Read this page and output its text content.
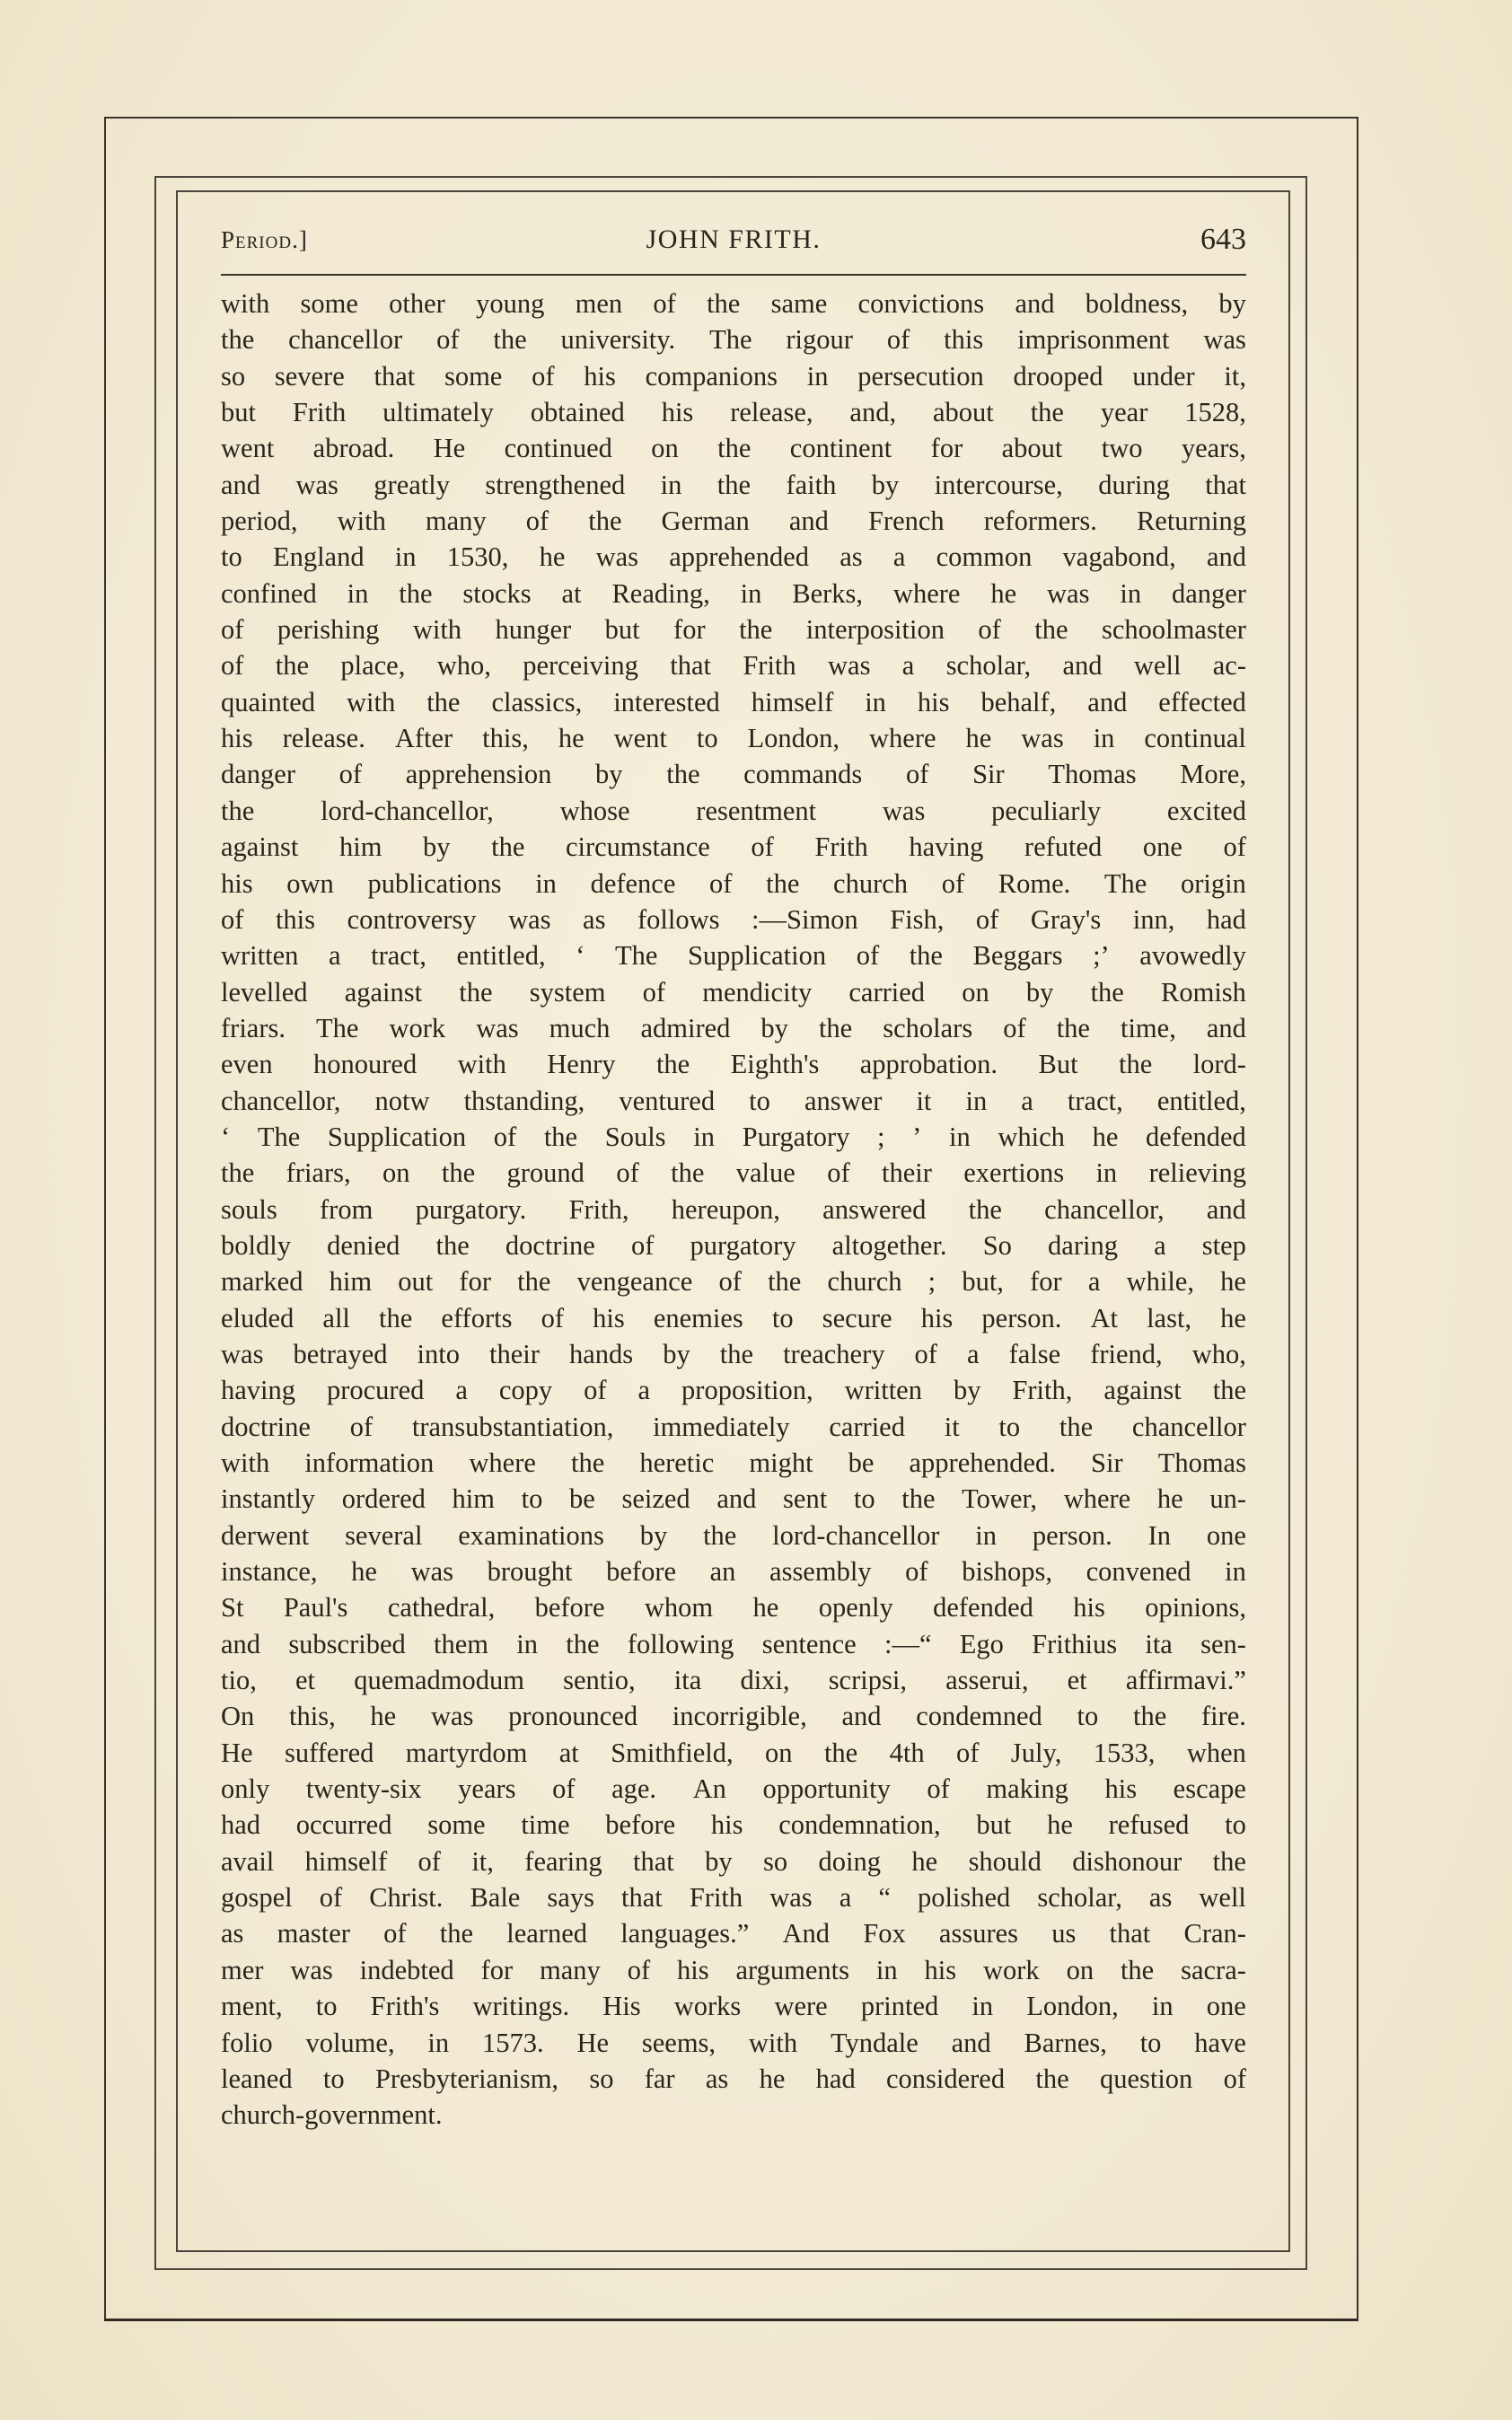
Period.]	JOHN FRITH.	643
with some other young men of the same convictions and boldness, by
the chancellor of the university. The rigour of this imprisonment was
so severe that some of his companions in persecution drooped under it,
but Frith ultimately obtained his release, and, about the year 1528,
went abroad. He continued on the continent for about two years,
and was greatly strengthened in the faith by intercourse, during that
period, with many of the German and French reformers. Returning
to England in 1530, he was apprehended as a common vagabond, and
confined in the stocks at Reading, in Berks, where he was in danger
of perishing with hunger but for the interposition of the schoolmaster
of the place, who, perceiving that Frith was a scholar, and well ac-
quainted with the classics, interested himself in his behalf, and effected
his release. After this, he went to London, where he was in continual
danger of apprehension by the commands of Sir Thomas More,
the lord-chancellor, whose resentment was peculiarly excited
against him by the circumstance of Frith having refuted one of
his own publications in defence of the church of Rome. The origin
of this controversy was as follows :—Simon Fish, of Gray's inn, had
written a tract, entitled, ‘ The Supplication of the Beggars ;’ avowedly
levelled against the system of mendicity carried on by the Romish
friars. The work was much admired by the scholars of the time, and
even honoured with Henry the Eighth's approbation. But the lord-
chancellor, notw thstanding, ventured to answer it in a tract, entitled,
‘ The Supplication of the Souls in Purgatory ; ’ in which he defended
the friars, on the ground of the value of their exertions in relieving
souls from purgatory. Frith, hereupon, answered the chancellor, and
boldly denied the doctrine of purgatory altogether. So daring a step
marked him out for the vengeance of the church ; but, for a while, he
eluded all the efforts of his enemies to secure his person. At last, he
was betrayed into their hands by the treachery of a false friend, who,
having procured a copy of a proposition, written by Frith, against the
doctrine of transubstantiation, immediately carried it to the chancellor
with information where the heretic might be apprehended. Sir Thomas
instantly ordered him to be seized and sent to the Tower, where he un-
derwent several examinations by the lord-chancellor in person. In one
instance, he was brought before an assembly of bishops, convened in
St Paul's cathedral, before whom he openly defended his opinions,
and subscribed them in the following sentence :—“ Ego Frithius ita sen-
tio, et quemadmodum sentio, ita dixi, scripsi, asserui, et affirmavi.”
On this, he was pronounced incorrigible, and condemned to the fire.
He suffered martyrdom at Smithfield, on the 4th of July, 1533, when
only twenty-six years of age. An opportunity of making his escape
had occurred some time before his condemnation, but he refused to
avail himself of it, fearing that by so doing he should dishonour the
gospel of Christ. Bale says that Frith was a “ polished scholar, as well
as master of the learned languages.” And Fox assures us that Cran-
mer was indebted for many of his arguments in his work on the sacra-
ment, to Frith's writings. His works were printed in London, in one
folio volume, in 1573. He seems, with Tyndale and Barnes, to have
leaned to Presbyterianism, so far as he had considered the question of
church-government.
